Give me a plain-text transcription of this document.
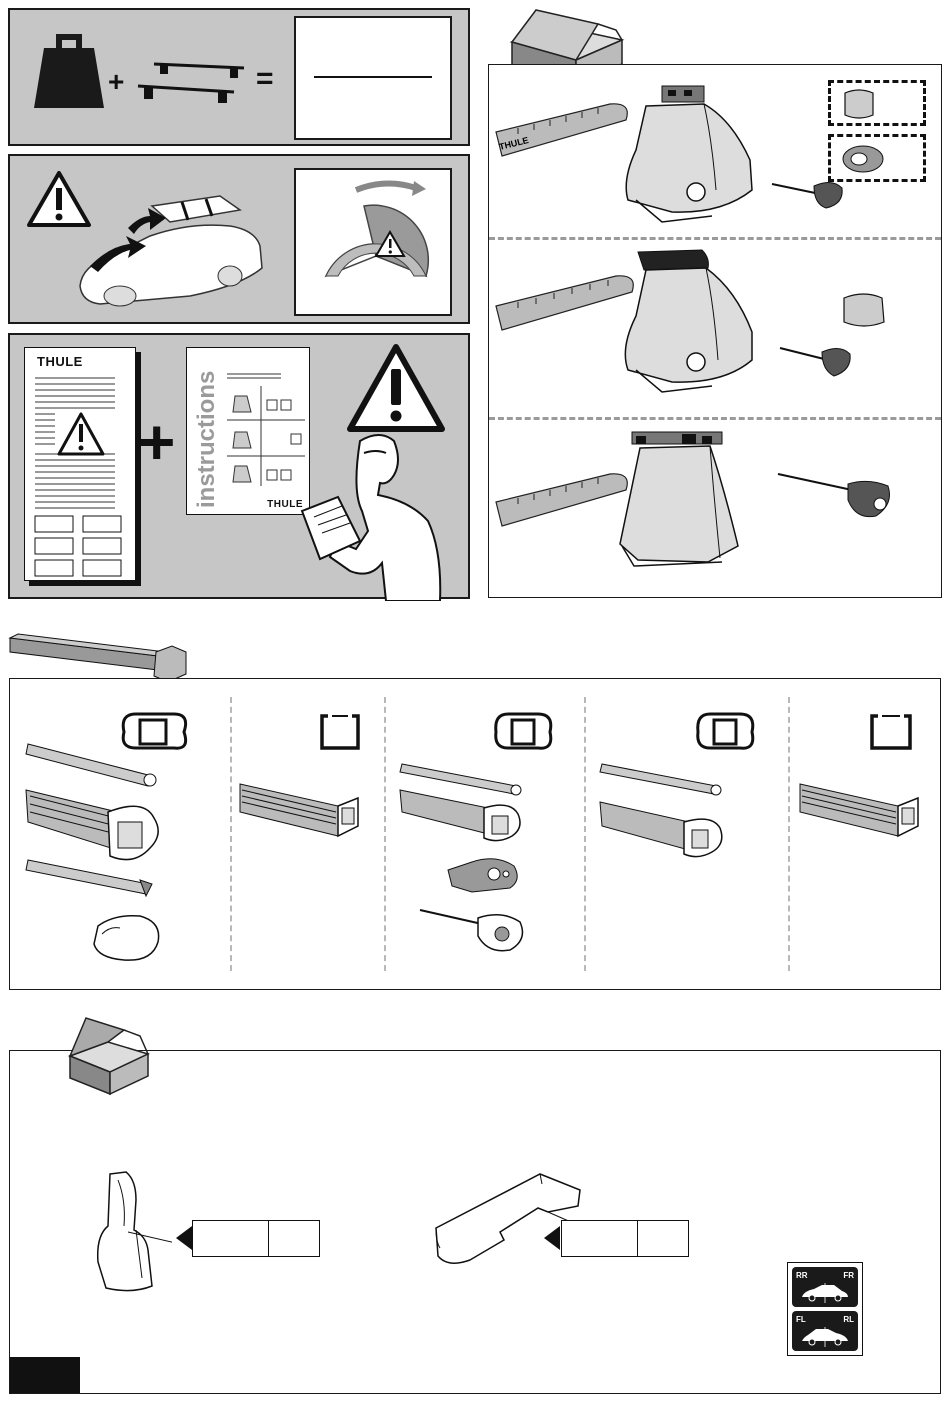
+	=
THULE
+ instructions	THULE
THULE
RR	FR
FL	RL
